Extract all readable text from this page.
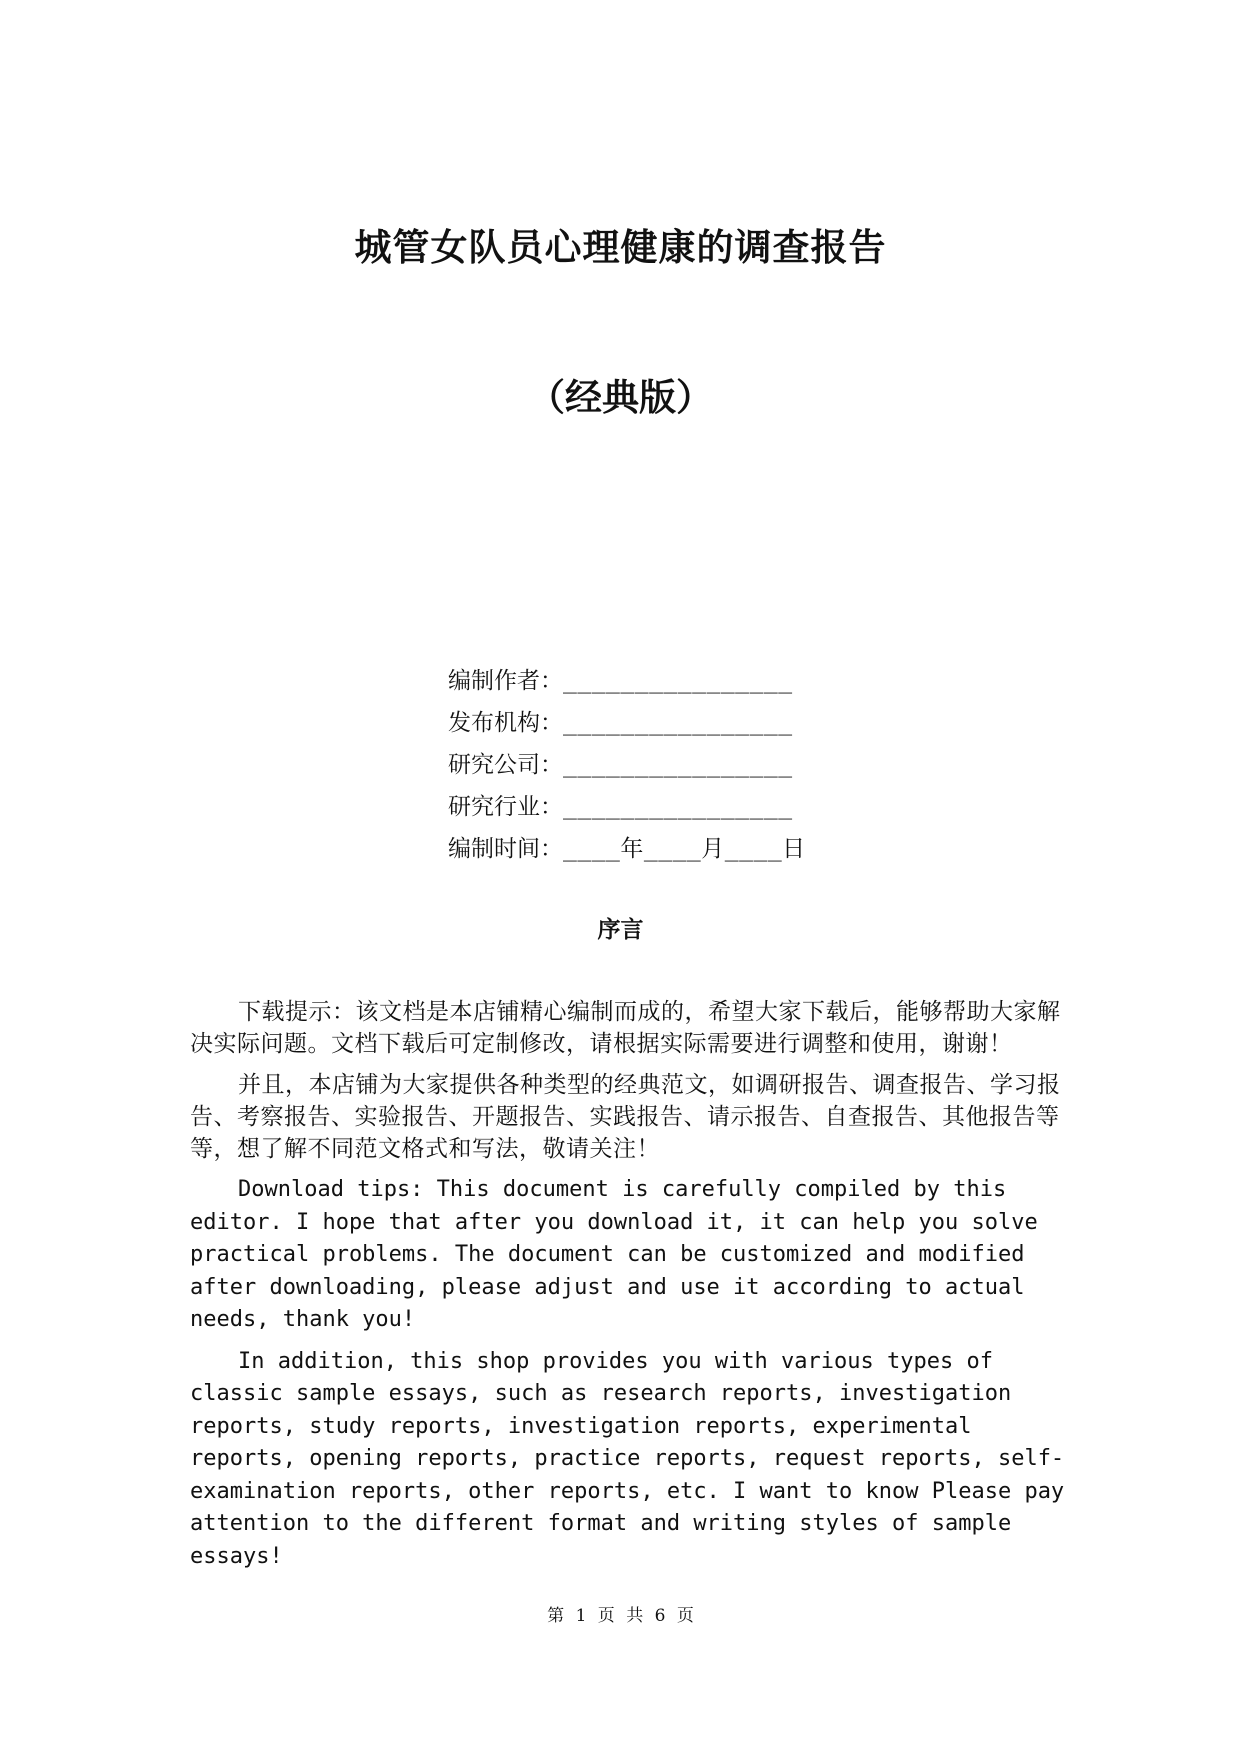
城管女队员心理健康的调查报告
（经典版）
编制作者 ： ________________
发布机构 ： ________________
研究公司 ： ________________
研究行业 ： ________________
编制时间 ： ____年____月____日
序言

下载提示：该文档是本店铺精心编制而成的，希望大家下载后，能够帮助大家解决实际问题。文档下载后可定制修改，请根据实际需要进行调整和使用，谢谢！

并且，本店铺为大家提供各种类型的经典范文，如调研报告、调查报告、学习报告、考察报告、实验报告、开题报告、实践报告、请示报告、自查报告、其他报告等等，想了解不同范文格式和写法，敬请关注！

Download tips: This document is carefully compiled by this editor. I hope that after you download it, it can help you solve practical problems. The document can be customized and modified after downloading, please adjust and use it according to actual needs, thank you!

In addition, this shop provides you with various types of classic sample essays, such as research reports, investigation reports, study reports, investigation reports, experimental reports, opening reports, practice reports, request reports, self-examination reports, other reports, etc. I want to know Please pay attention to the different format and writing styles of sample essays!

第 1 页 共 6 页
